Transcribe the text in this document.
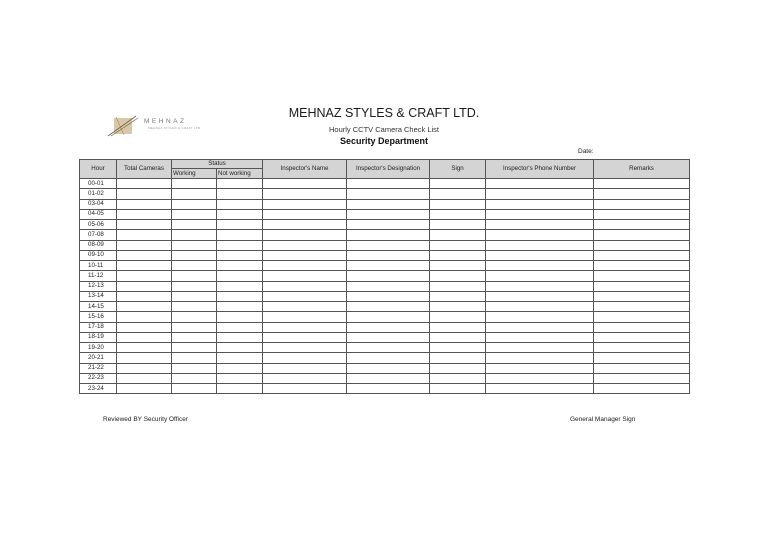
MEHNAZ
MEHNAZ STYLES & CRAFT LTD.
MEHNAZ STYLES & CRAFT LTD.
Hourly CCTV Camera Check List
Security Department
Date:
Hour	Total Cameras	Status		Inspector's Name	Inspector's Designation	Sign	Inspector's Phone Number	Remarks
		Working	Not working					
00-01								
01-02								
03-04								
04-05								
05-06								
07-08								
08-09								
09-10								
10-11								
11-12								
12-13								
13-14								
14-15								
15-16								
17-18								
18-19								
19-20								
20-21								
21-22								
22-23								
23-24								
Reviewed BY Security Officer	General Manager Sign
